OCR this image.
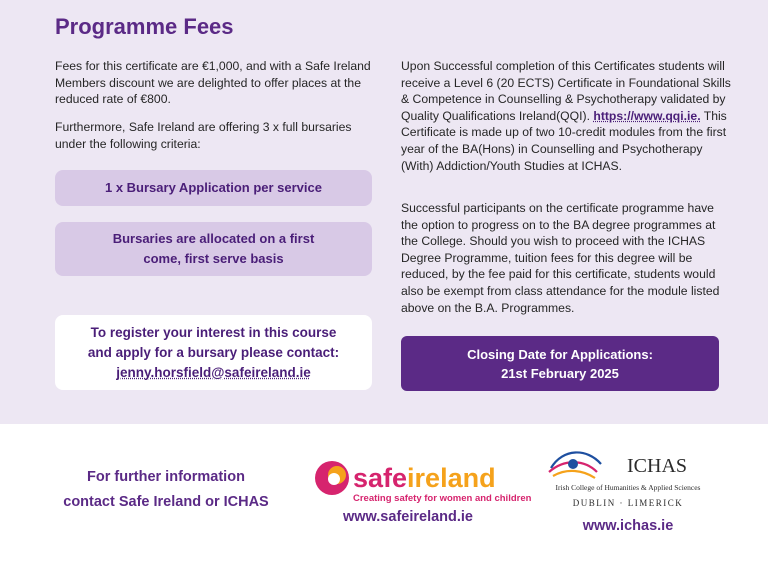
Programme Fees

Fees for this certificate are €1,000, and with a Safe Ireland Members discount we are delighted to offer places at the reduced rate of €800.

Furthermore, Safe Ireland are offering 3 x full bursaries under the following criteria:

1 x Bursary Application per service
Bursaries are allocated on a first come, first serve basis
To register your interest in this course
and apply for a bursary please contact:
jenny.horsfield@safeireland.ie

Upon Successful completion of this Certificates students will receive a Level 6 (20 ECTS) Certificate in Foundational Skills & Competence in Counselling & Psychotherapy validated by Quality Qualifications Ireland(QQI). https://www.qqi.ie. This Certificate is made up of two 10-credit modules from the first year of the BA(Hons) in Counselling and Psychotherapy (With) Addiction/Youth Studies at ICHAS.

Successful participants on the certificate programme have the option to progress on to the BA degree programmes at the College. Should you wish to proceed with the ICHAS Degree Programme, tuition fees for this degree will be reduced, by the fee paid for this certificate, students would also be exempt from class attendance for the module listed above on the B.A. Programmes.

Closing Date for Applications:
21st February 2025
For further information
contact Safe Ireland or ICHAS
safeireland
Creating safety for women and children
www.safeireland.ie
ICHAS
Irish College of Humanities & Applied Sciences
DUBLIN · LIMERICK
www.ichas.ie
